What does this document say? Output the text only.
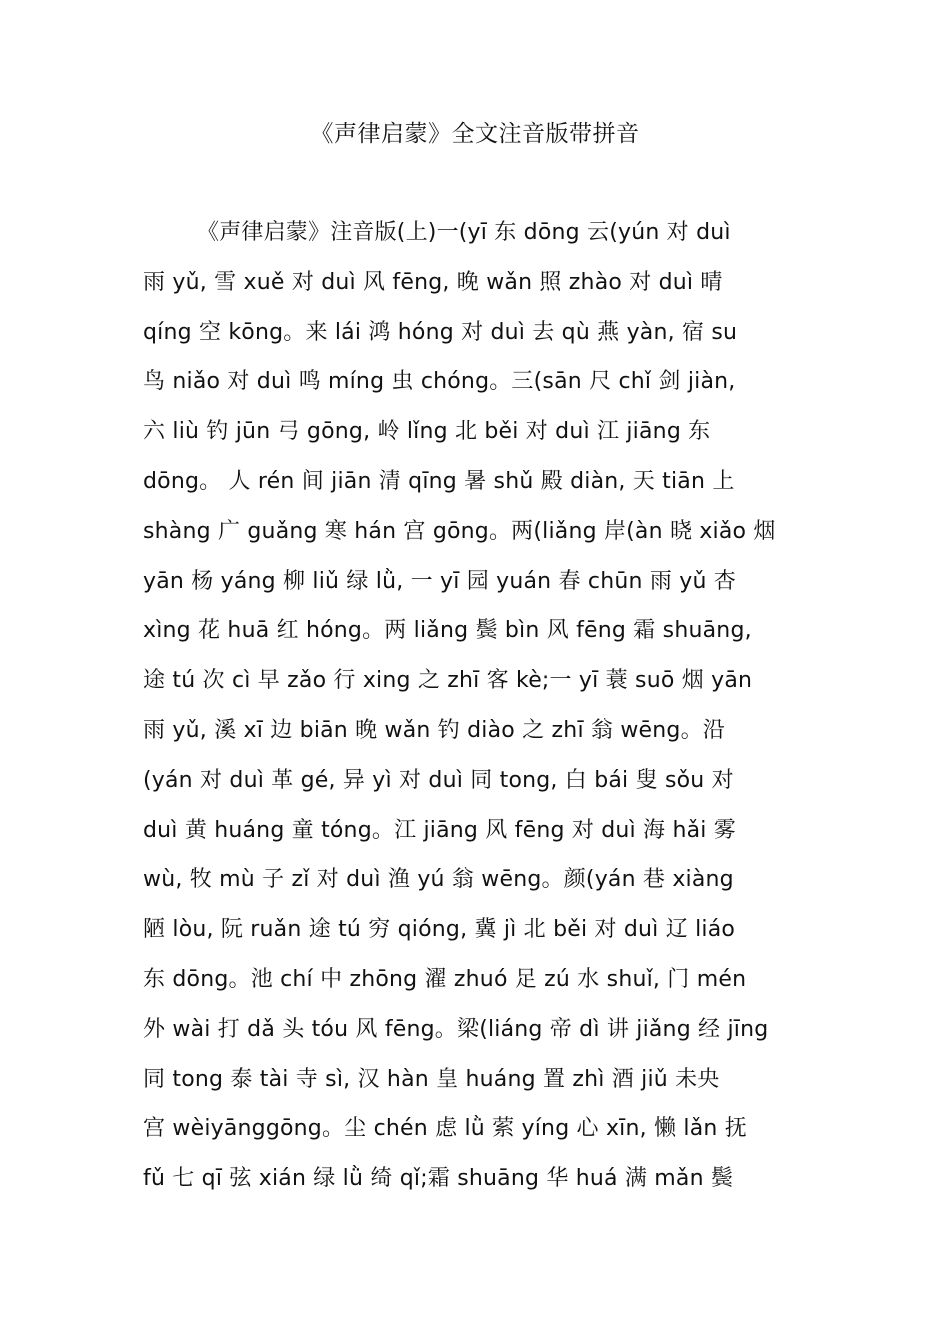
《声律启蒙》全文注音版带拼音
《声律启蒙》注音版(上)一(yī 东 dōng 云(yún 对 duì
雨 yǔ, 雪 xuě 对 duì 风 fēng, 晚 wǎn 照 zhào 对 duì 晴
qíng 空 kōng。来 lái 鸿 hóng 对 duì 去 qù 燕 yàn, 宿 su
鸟 niǎo 对 duì 鸣 míng 虫 chóng。三(sān 尺 chǐ 剑 jiàn,
六 liù 钓 jūn 弓 gōng, 岭 lǐng 北 běi 对 duì 江 jiāng 东
dōng。 人 rén 间 jiān 清 qīng 暑 shǔ 殿 diàn, 天 tiān 上
shàng 广 guǎng 寒 hán 宫 gōng。两(liǎng 岸(àn 晓 xiǎo 烟
yān 杨 yáng 柳 liǔ 绿 lǜ, 一 yī 园 yuán 春 chūn 雨 yǔ 杏
xìng 花 huā 红 hóng。两 liǎng 鬓 bìn 风 fēng 霜 shuāng,
途 tú 次 cì 早 zǎo 行 xing 之 zhī 客 kè;一 yī 蓑 suō 烟 yān
雨 yǔ, 溪 xī 边 biān 晚 wǎn 钓 diào 之 zhī 翁 wēng。沿
(yán 对 duì 革 gé, 异 yì 对 duì 同 tong, 白 bái 叟 sǒu 对
duì 黄 huáng 童 tóng。江 jiāng 风 fēng 对 duì 海 hǎi 雾
wù, 牧 mù 子 zǐ 对 duì 渔 yú 翁 wēng。颜(yán 巷 xiàng
陋 lòu, 阮 ruǎn 途 tú 穷 qióng, 冀 jì 北 běi 对 duì 辽 liáo
东 dōng。池 chí 中 zhōng 濯 zhuó 足 zú 水 shuǐ, 门 mén
外 wài 打 dǎ 头 tóu 风 fēng。梁(liáng 帝 dì 讲 jiǎng 经 jīng
同 tong 泰 tài 寺 sì, 汉 hàn 皇 huáng 置 zhì 酒 jiǔ 未央
宫 wèiyānggōng。尘 chén 虑 lǜ 萦 yíng 心 xīn, 懒 lǎn 抚
fǔ 七 qī 弦 xián 绿 lǜ 绮 qǐ;霜 shuāng 华 huá 满 mǎn 鬓
